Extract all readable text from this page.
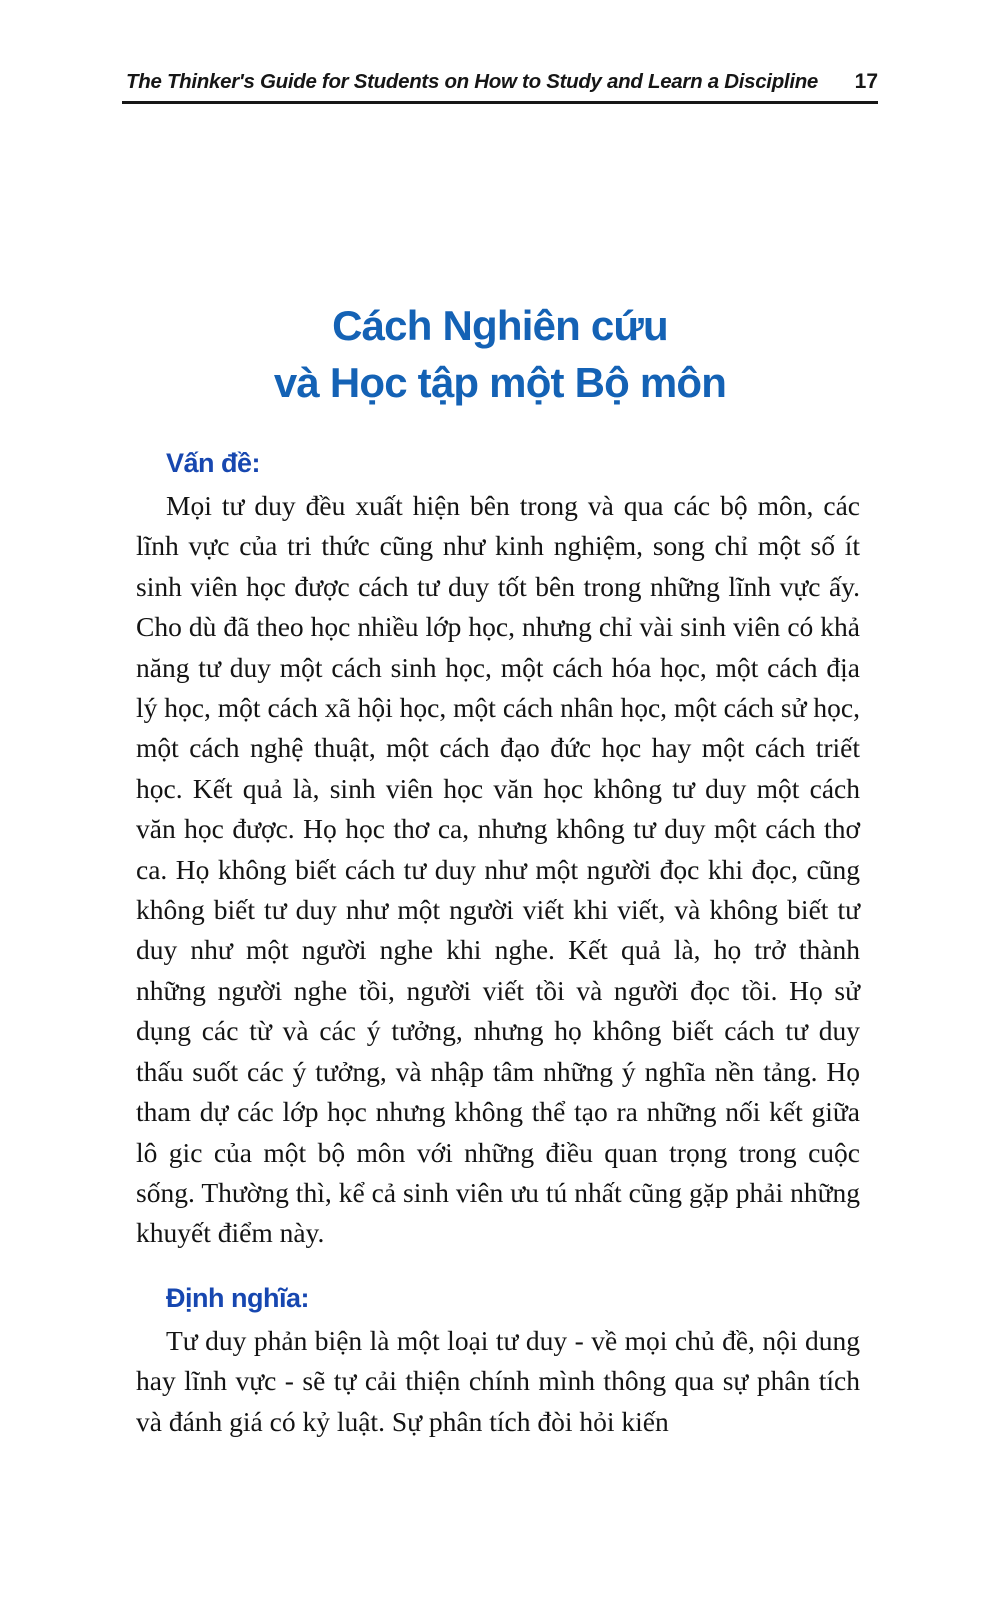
The Thinker's Guide for Students on How to Study and Learn a Discipline 17
Cách Nghiên cứu
và Học tập một Bộ môn
Vấn đề:

Mọi tư duy đều xuất hiện bên trong và qua các bộ môn, các lĩnh vực của tri thức cũng như kinh nghiệm, song chỉ một số ít sinh viên học được cách tư duy tốt bên trong những lĩnh vực ấy. Cho dù đã theo học nhiều lớp học, nhưng chỉ vài sinh viên có khả năng tư duy một cách sinh học, một cách hóa học, một cách địa lý học, một cách xã hội học, một cách nhân học, một cách sử học, một cách nghệ thuật, một cách đạo đức học hay một cách triết học. Kết quả là, sinh viên học văn học không tư duy một cách văn học được. Họ học thơ ca, nhưng không tư duy một cách thơ ca. Họ không biết cách tư duy như một người đọc khi đọc, cũng không biết tư duy như một người viết khi viết, và không biết tư duy như một người nghe khi nghe. Kết quả là, họ trở thành những người nghe tồi, người viết tồi và người đọc tồi. Họ sử dụng các từ và các ý tưởng, nhưng họ không biết cách tư duy thấu suốt các ý tưởng, và nhập tâm những ý nghĩa nền tảng. Họ tham dự các lớp học nhưng không thể tạo ra những nối kết giữa lô gic của một bộ môn với những điều quan trọng trong cuộc sống. Thường thì, kể cả sinh viên ưu tú nhất cũng gặp phải những khuyết điểm này.

Định nghĩa:

Tư duy phản biện là một loại tư duy - về mọi chủ đề, nội dung hay lĩnh vực - sẽ tự cải thiện chính mình thông qua sự phân tích và đánh giá có kỷ luật. Sự phân tích đòi hỏi kiến
